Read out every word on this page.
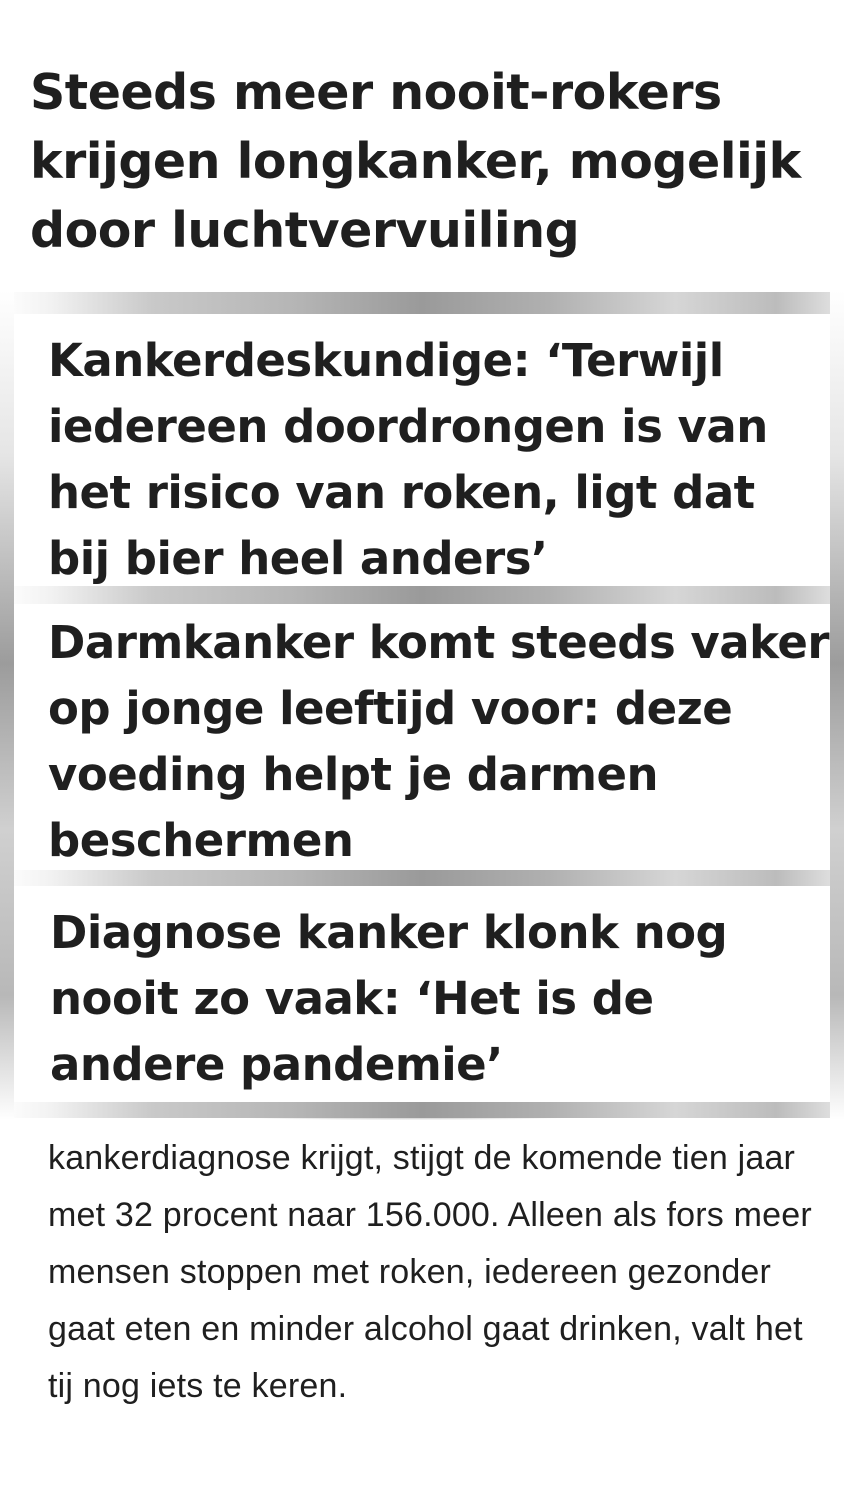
Steeds meer nooit-rokers krijgen longkanker, mogelijk door luchtvervuiling
Kankerdeskundige: ‘Terwijl iedereen doordrongen is van het risico van roken, ligt dat bij bier heel anders’
Darmkanker komt steeds vaker op jonge leeftijd voor: deze voeding helpt je darmen beschermen
Diagnose kanker klonk nog nooit zo vaak: ‘Het is de andere pandemie’

kankerdiagnose krijgt, stijgt de komende tien jaar met 32 procent naar 156.000. Alleen als fors meer mensen stoppen met roken, iedereen gezonder gaat eten en minder alcohol gaat drinken, valt het tij nog iets te keren.
